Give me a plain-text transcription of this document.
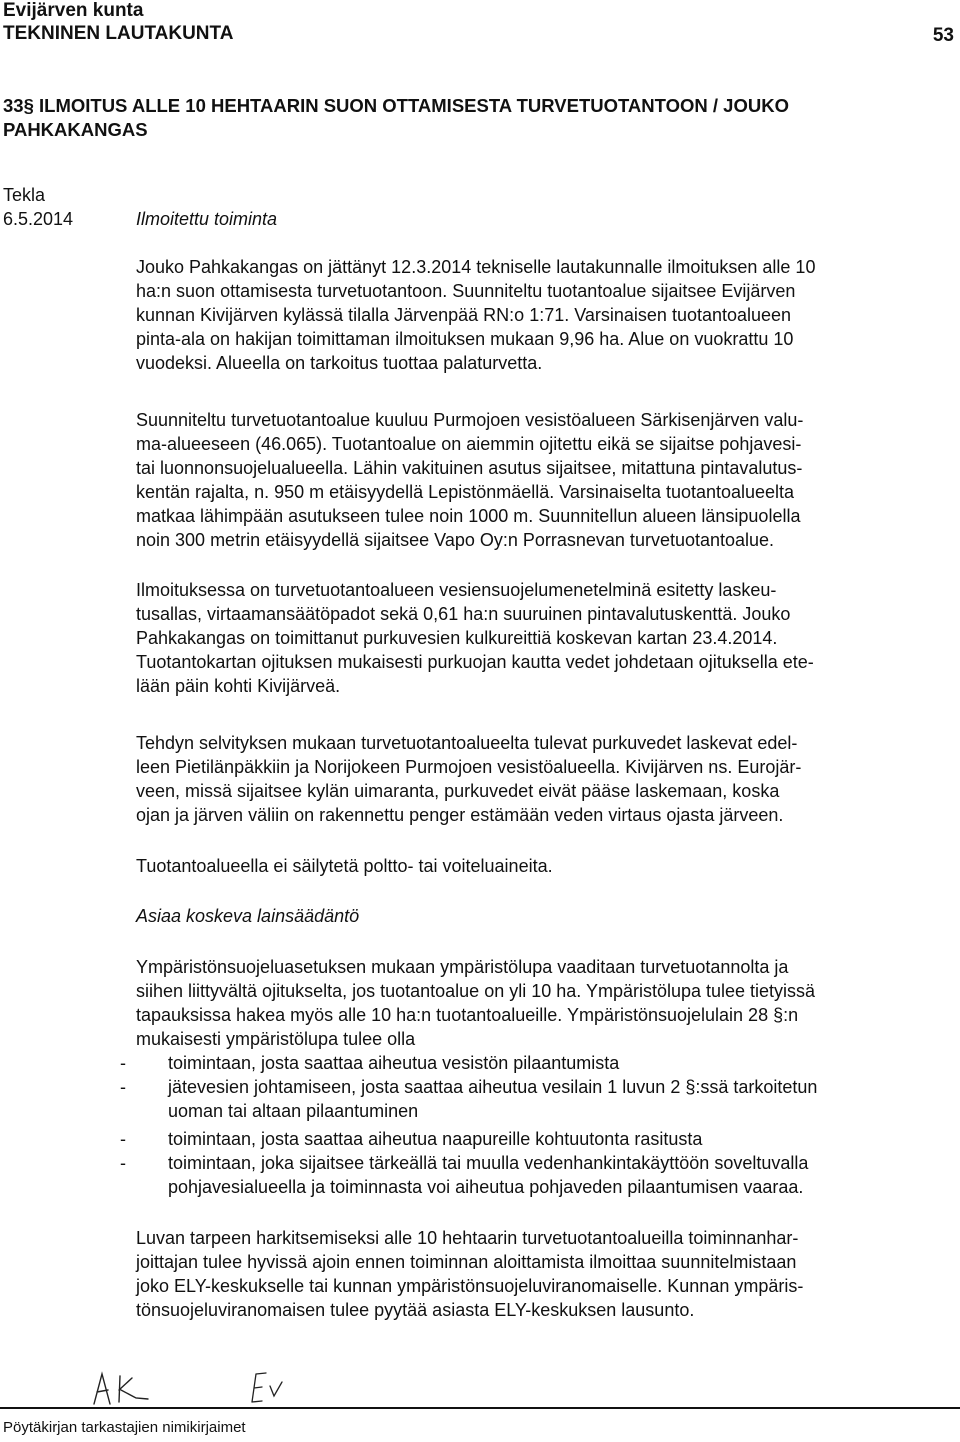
Evijärven kunta
TEKNINEN LAUTAKUNTA	53
33§ ILMOITUS ALLE 10 HEHTAARIN SUON OTTAMISESTA TURVETUOTANTOON / JOUKO
PAHKAKANGAS
Tekla
6.5.2014	Ilmoitettu toiminta
Jouko Pahkakangas on jättänyt 12.3.2014 tekniselle lautakunnalle ilmoituksen alle 10
ha:n suon ottamisesta turvetuotantoon. Suunniteltu tuotantoalue sijaitsee Evijärven
kunnan Kivijärven kylässä tilalla Järvenpää RN:o 1:71. Varsinaisen tuotantoalueen
pinta-ala on hakijan toimittaman ilmoituksen mukaan 9,96 ha. Alue on vuokrattu 10
vuodeksi. Alueella on tarkoitus tuottaa palaturvetta.
Suunniteltu turvetuotantoalue kuuluu Purmojoen vesistöalueen Särkisenjärven valu-
ma-alueeseen (46.065). Tuotantoalue on aiemmin ojitettu eikä se sijaitse pohjavesi-
tai luonnonsuojelualueella. Lähin vakituinen asutus sijaitsee, mitattuna pintavalutus-
kentän rajalta, n. 950 m etäisyydellä Lepistönmäellä. Varsinaiselta tuotantoalueelta
matkaa lähimpään asutukseen tulee noin 1000 m. Suunnitellun alueen länsipuolella
noin 300 metrin etäisyydellä sijaitsee Vapo Oy:n Porrasnevan turvetuotantoalue.
Ilmoituksessa on turvetuotantoalueen vesiensuojelumenetelminä esitetty laskeu-
tusallas, virtaamansäätöpadot sekä 0,61 ha:n suuruinen pintavalutuskenttä. Jouko
Pahkakangas on toimittanut purkuvesien kulkureittiä koskevan kartan 23.4.2014.
Tuotantokartan ojituksen mukaisesti purkuojan kautta vedet johdetaan ojituksella ete-
lään päin kohti Kivijärveä.
Tehdyn selvityksen mukaan turvetuotantoalueelta tulevat purkuvedet laskevat edel-
leen Pietilänpäkkiin ja Norijokeen Purmojoen vesistöalueella. Kivijärven ns. Eurojär-
veen, missä sijaitsee kylän uimaranta, purkuvedet eivät pääse laskemaan, koska
ojan ja järven väliin on rakennettu penger estämään veden virtaus ojasta järveen.
Tuotantoalueella ei säilytetä poltto- tai voiteluaineita.
Asiaa koskeva lainsäädäntö
Ympäristönsuojeluasetuksen mukaan ympäristölupa vaaditaan turvetuotannolta ja
siihen liittyvältä ojitukselta, jos tuotantoalue on yli 10 ha. Ympäristölupa tulee tietyissä
tapauksissa hakea myös alle 10 ha:n tuotantoalueille. Ympäristönsuojelulain 28 §:n
mukaisesti ympäristölupa tulee olla
- toimintaan, josta saattaa aiheutua vesistön pilaantumista
- jätevesien johtamiseen, josta saattaa aiheutua vesilain 1 luvun 2 §:ssä tarkoitetun
uoman tai altaan pilaantuminen
- toimintaan, josta saattaa aiheutua naapureille kohtuutonta rasitusta
- toimintaan, joka sijaitsee tärkeällä tai muulla vedenhankintakäyttöön soveltuvalla
pohjavesialueella ja toiminnasta voi aiheutua pohjaveden pilaantumisen vaaraa.
Luvan tarpeen harkitsemiseksi alle 10 hehtaarin turvetuotantoalueilla toiminnanhar-
joittajan tulee hyvissä ajoin ennen toiminnan aloittamista ilmoittaa suunnitelmistaan
joko ELY-keskukselle tai kunnan ympäristönsuojeluviranomaiselle. Kunnan ympäris-
tönsuojeluviranomaisen tulee pyytää asiasta ELY-keskuksen lausunto.
Pöytäkirjan tarkastajien nimikirjaimet
